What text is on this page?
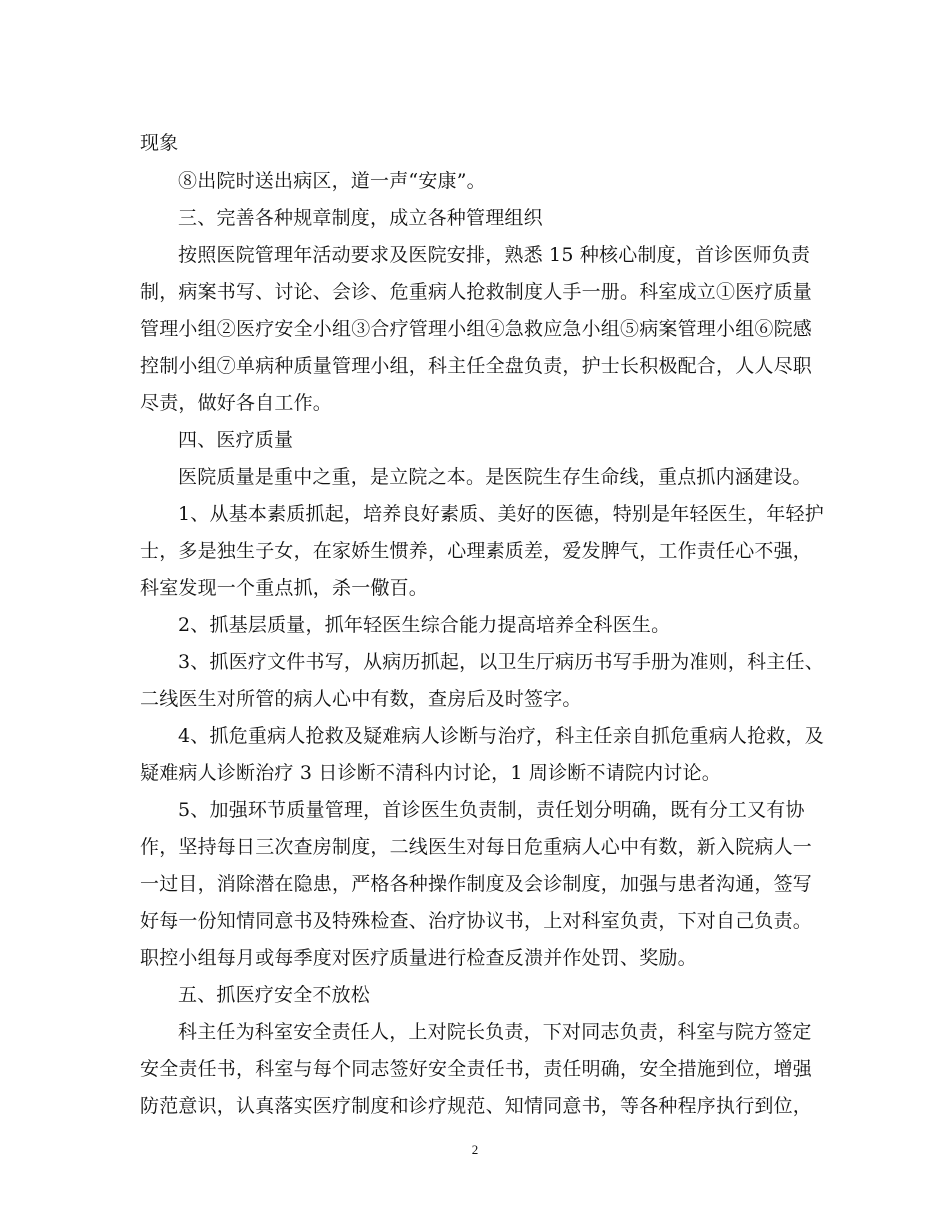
现象
⑧出院时送出病区，道一声“安康”。
三、完善各种规章制度，成立各种管理组织
按照医院管理年活动要求及医院安排，熟悉 15 种核心制度，首诊医师负责
制，病案书写、讨论、会诊、危重病人抢救制度人手一册。科室成立①医疗质量
管理小组②医疗安全小组③合疗管理小组④急救应急小组⑤病案管理小组⑥院感
控制小组⑦单病种质量管理小组，科主任全盘负责，护士长积极配合，人人尽职
尽责，做好各自工作。
四、医疗质量
医院质量是重中之重，是立院之本。是医院生存生命线，重点抓内涵建设。
1、从基本素质抓起，培养良好素质、美好的医德，特别是年轻医生，年轻护
士，多是独生子女，在家娇生惯养，心理素质差，爱发脾气，工作责任心不强，
科室发现一个重点抓，杀一儆百。
2、抓基层质量，抓年轻医生综合能力提高培养全科医生。
3、抓医疗文件书写，从病历抓起，以卫生厅病历书写手册为准则，科主任、
二线医生对所管的病人心中有数，查房后及时签字。
4、抓危重病人抢救及疑难病人诊断与治疗，科主任亲自抓危重病人抢救，及
疑难病人诊断治疗 3 日诊断不清科内讨论，1 周诊断不请院内讨论。
5、加强环节质量管理，首诊医生负责制，责任划分明确，既有分工又有协
作，坚持每日三次查房制度，二线医生对每日危重病人心中有数，新入院病人一
一过目，消除潜在隐患，严格各种操作制度及会诊制度，加强与患者沟通，签写
好每一份知情同意书及特殊检查、治疗协议书，上对科室负责，下对自己负责。
职控小组每月或每季度对医疗质量进行检查反溃并作处罚、奖励。
五、抓医疗安全不放松
科主任为科室安全责任人，上对院长负责，下对同志负责，科室与院方签定
安全责任书，科室与每个同志签好安全责任书，责任明确，安全措施到位，增强
防范意识，认真落实医疗制度和诊疗规范、知情同意书，等各种程序执行到位，
2
